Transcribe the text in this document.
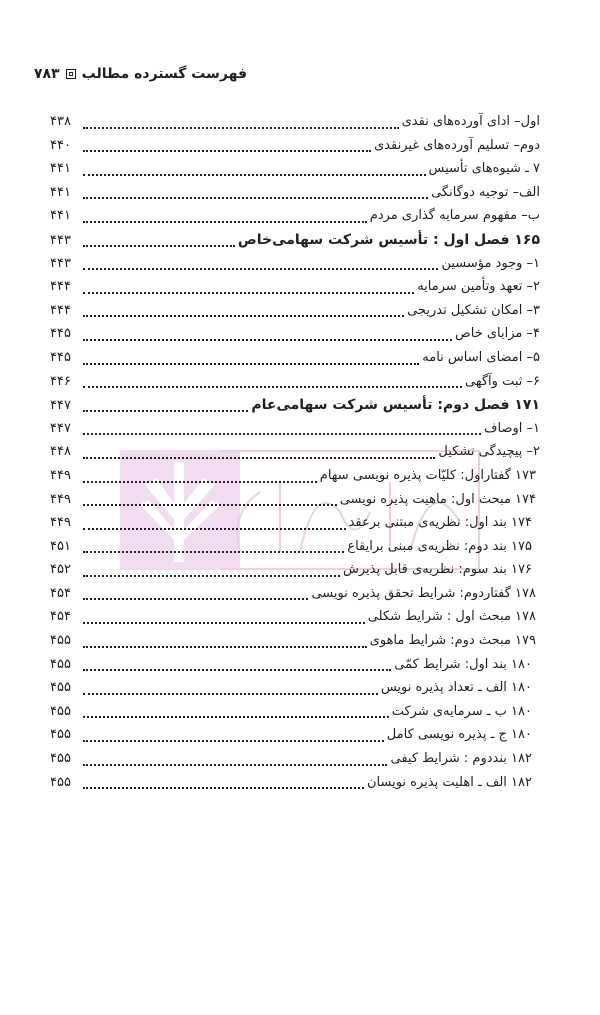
فهرست گسترده مطالب
۷۸۳
اول– ادای آورده‌های نقدی
۴۳۸
دوم– تسلیم آورده‌های غیرنقدی
۴۴۰
۷ ـ شیوه‌های تأسیس
۴۴۱
الف– توجیه دوگانگی
۴۴۱
ب– مفهوم سرمایه گذاری مردم
۴۴۱
۱۶۵ فصل اول : تأسیس شرکت سهامی‌خاص
۴۴۳
۱– وجود مؤسسین
۴۴۳
۲– تعهد وتأمین سرمایه
۴۴۴
۳– امکان تشکیل تدریجی
۴۴۴
۴– مزایای خاص
۴۴۵
۵– امضای اساس نامه
۴۴۵
۶– ثبت وآگهی
۴۴۶
۱۷۱ فصل دوم: تأسیس شرکت سهامی‌عام
۴۴۷
۱– اوصاف
۴۴۷
۲– پیچیدگی تشکیل
۴۴۸
۱۷۳ گفتاراول: کلیّات پذیره نویسی سهام
۴۴۹
۱۷۴ مبحث اول: ماهیت پذیره نویسی
۴۴۹
۱۷۴ بند اول: نظریه‌ی مبتنی برعقد
۴۴۹
۱۷۵ بند دوم: نظریه‌ی مبنی برایقاع
۴۵۱
۱۷۶ بند سوم: نظریه‌ی قابل پذیرش
۴۵۲
۱۷۸ گفتاردوم: شرایط تحقق پذیره نویسی
۴۵۴
۱۷۸ مبحث اول : شرایط شکلی
۴۵۴
۱۷۹ مبحث دوم: شرایط ماهوی
۴۵۵
۱۸۰ بند اول: شرایط کمّی
۴۵۵
۱۸۰ الف ـ تعداد پذیره نویس
۴۵۵
۱۸۰ ب ـ سرمایه‌ی شرکت
۴۵۵
۱۸۰ ج ـ پذیره نویسی کامل
۴۵۵
۱۸۲ بنددوم : شرایط کیفی
۴۵۵
۱۸۲ الف ـ اهلیت پذیره نویسان
۴۵۵
